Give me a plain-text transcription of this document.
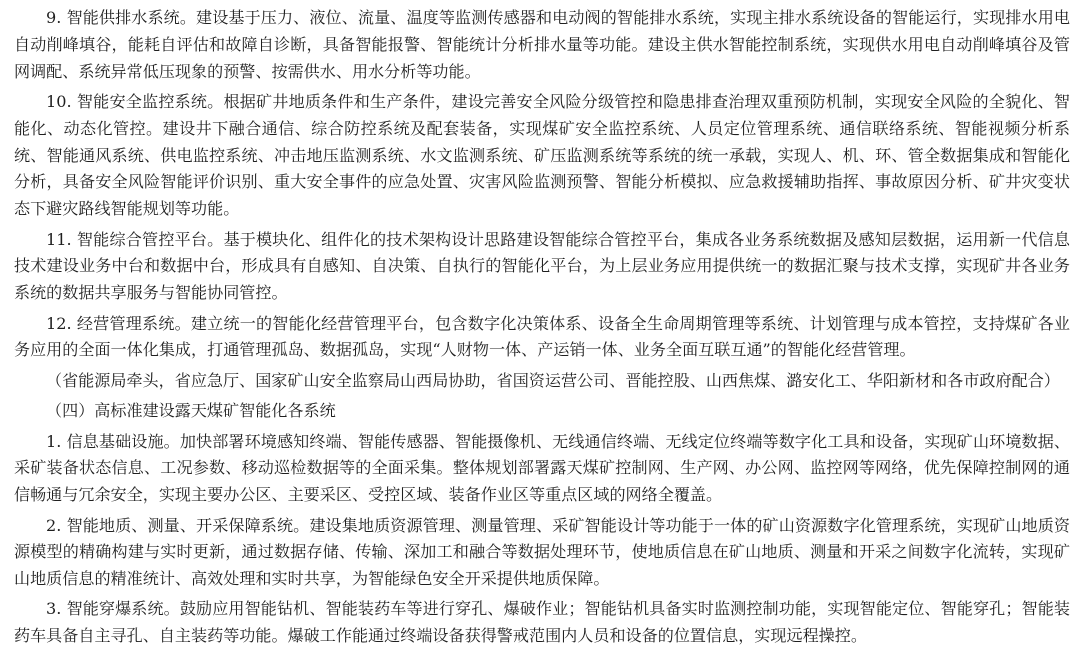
9. 智能供排水系统。建设基于压力、液位、流量、温度等监测传感器和电动阀的智能排水系统，实现主排水系统设备的智能运行，实现排水用电自动削峰填谷，能耗自评估和故障自诊断，具备智能报警、智能统计分析排水量等功能。建设主供水智能控制系统，实现供水用电自动削峰填谷及管网调配、系统异常低压现象的预警、按需供水、用水分析等功能。

10. 智能安全监控系统。根据矿井地质条件和生产条件，建设完善安全风险分级管控和隐患排查治理双重预防机制，实现安全风险的全貌化、智能化、动态化管控。建设井下融合通信、综合防控系统及配套装备，实现煤矿安全监控系统、人员定位管理系统、通信联络系统、智能视频分析系统、智能通风系统、供电监控系统、冲击地压监测系统、水文监测系统、矿压监测系统等系统的统一承载，实现人、机、环、管全数据集成和智能化分析，具备安全风险智能评价识别、重大安全事件的应急处置、灾害风险监测预警、智能分析模拟、应急救援辅助指挥、事故原因分析、矿井灾变状态下避灾路线智能规划等功能。

11. 智能综合管控平台。基于模块化、组件化的技术架构设计思路建设智能综合管控平台，集成各业务系统数据及感知层数据，运用新一代信息技术建设业务中台和数据中台，形成具有自感知、自决策、自执行的智能化平台，为上层业务应用提供统一的数据汇聚与技术支撑，实现矿井各业务系统的数据共享服务与智能协同管控。

12. 经营管理系统。建立统一的智能化经营管理平台，包含数字化决策体系、设备全生命周期管理等系统、计划管理与成本管控，支持煤矿各业务应用的全面一体化集成，打通管理孤岛、数据孤岛，实现“人财物一体、产运销一体、业务全面互联互通”的智能化经营管理。

（省能源局牵头，省应急厅、国家矿山安全监察局山西局协助，省国资运营公司、晋能控股、山西焦煤、潞安化工、华阳新材和各市政府配合）

（四）高标准建设露天煤矿智能化各系统

1. 信息基础设施。加快部署环境感知终端、智能传感器、智能摄像机、无线通信终端、无线定位终端等数字化工具和设备，实现矿山环境数据、采矿装备状态信息、工况参数、移动巡检数据等的全面采集。整体规划部署露天煤矿控制网、生产网、办公网、监控网等网络，优先保障控制网的通信畅通与冗余安全，实现主要办公区、主要采区、受控区域、装备作业区等重点区域的网络全覆盖。

2. 智能地质、测量、开采保障系统。建设集地质资源管理、测量管理、采矿智能设计等功能于一体的矿山资源数字化管理系统，实现矿山地质资源模型的精确构建与实时更新，通过数据存储、传输、深加工和融合等数据处理环节，使地质信息在矿山地质、测量和开采之间数字化流转，实现矿山地质信息的精准统计、高效处理和实时共享，为智能绿色安全开采提供地质保障。

3. 智能穿爆系统。鼓励应用智能钻机、智能装药车等进行穿孔、爆破作业；智能钻机具备实时监测控制功能，实现智能定位、智能穿孔；智能装药车具备自主寻孔、自主装药等功能。爆破工作能通过终端设备获得警戒范围内人员和设备的位置信息，实现远程操控。
